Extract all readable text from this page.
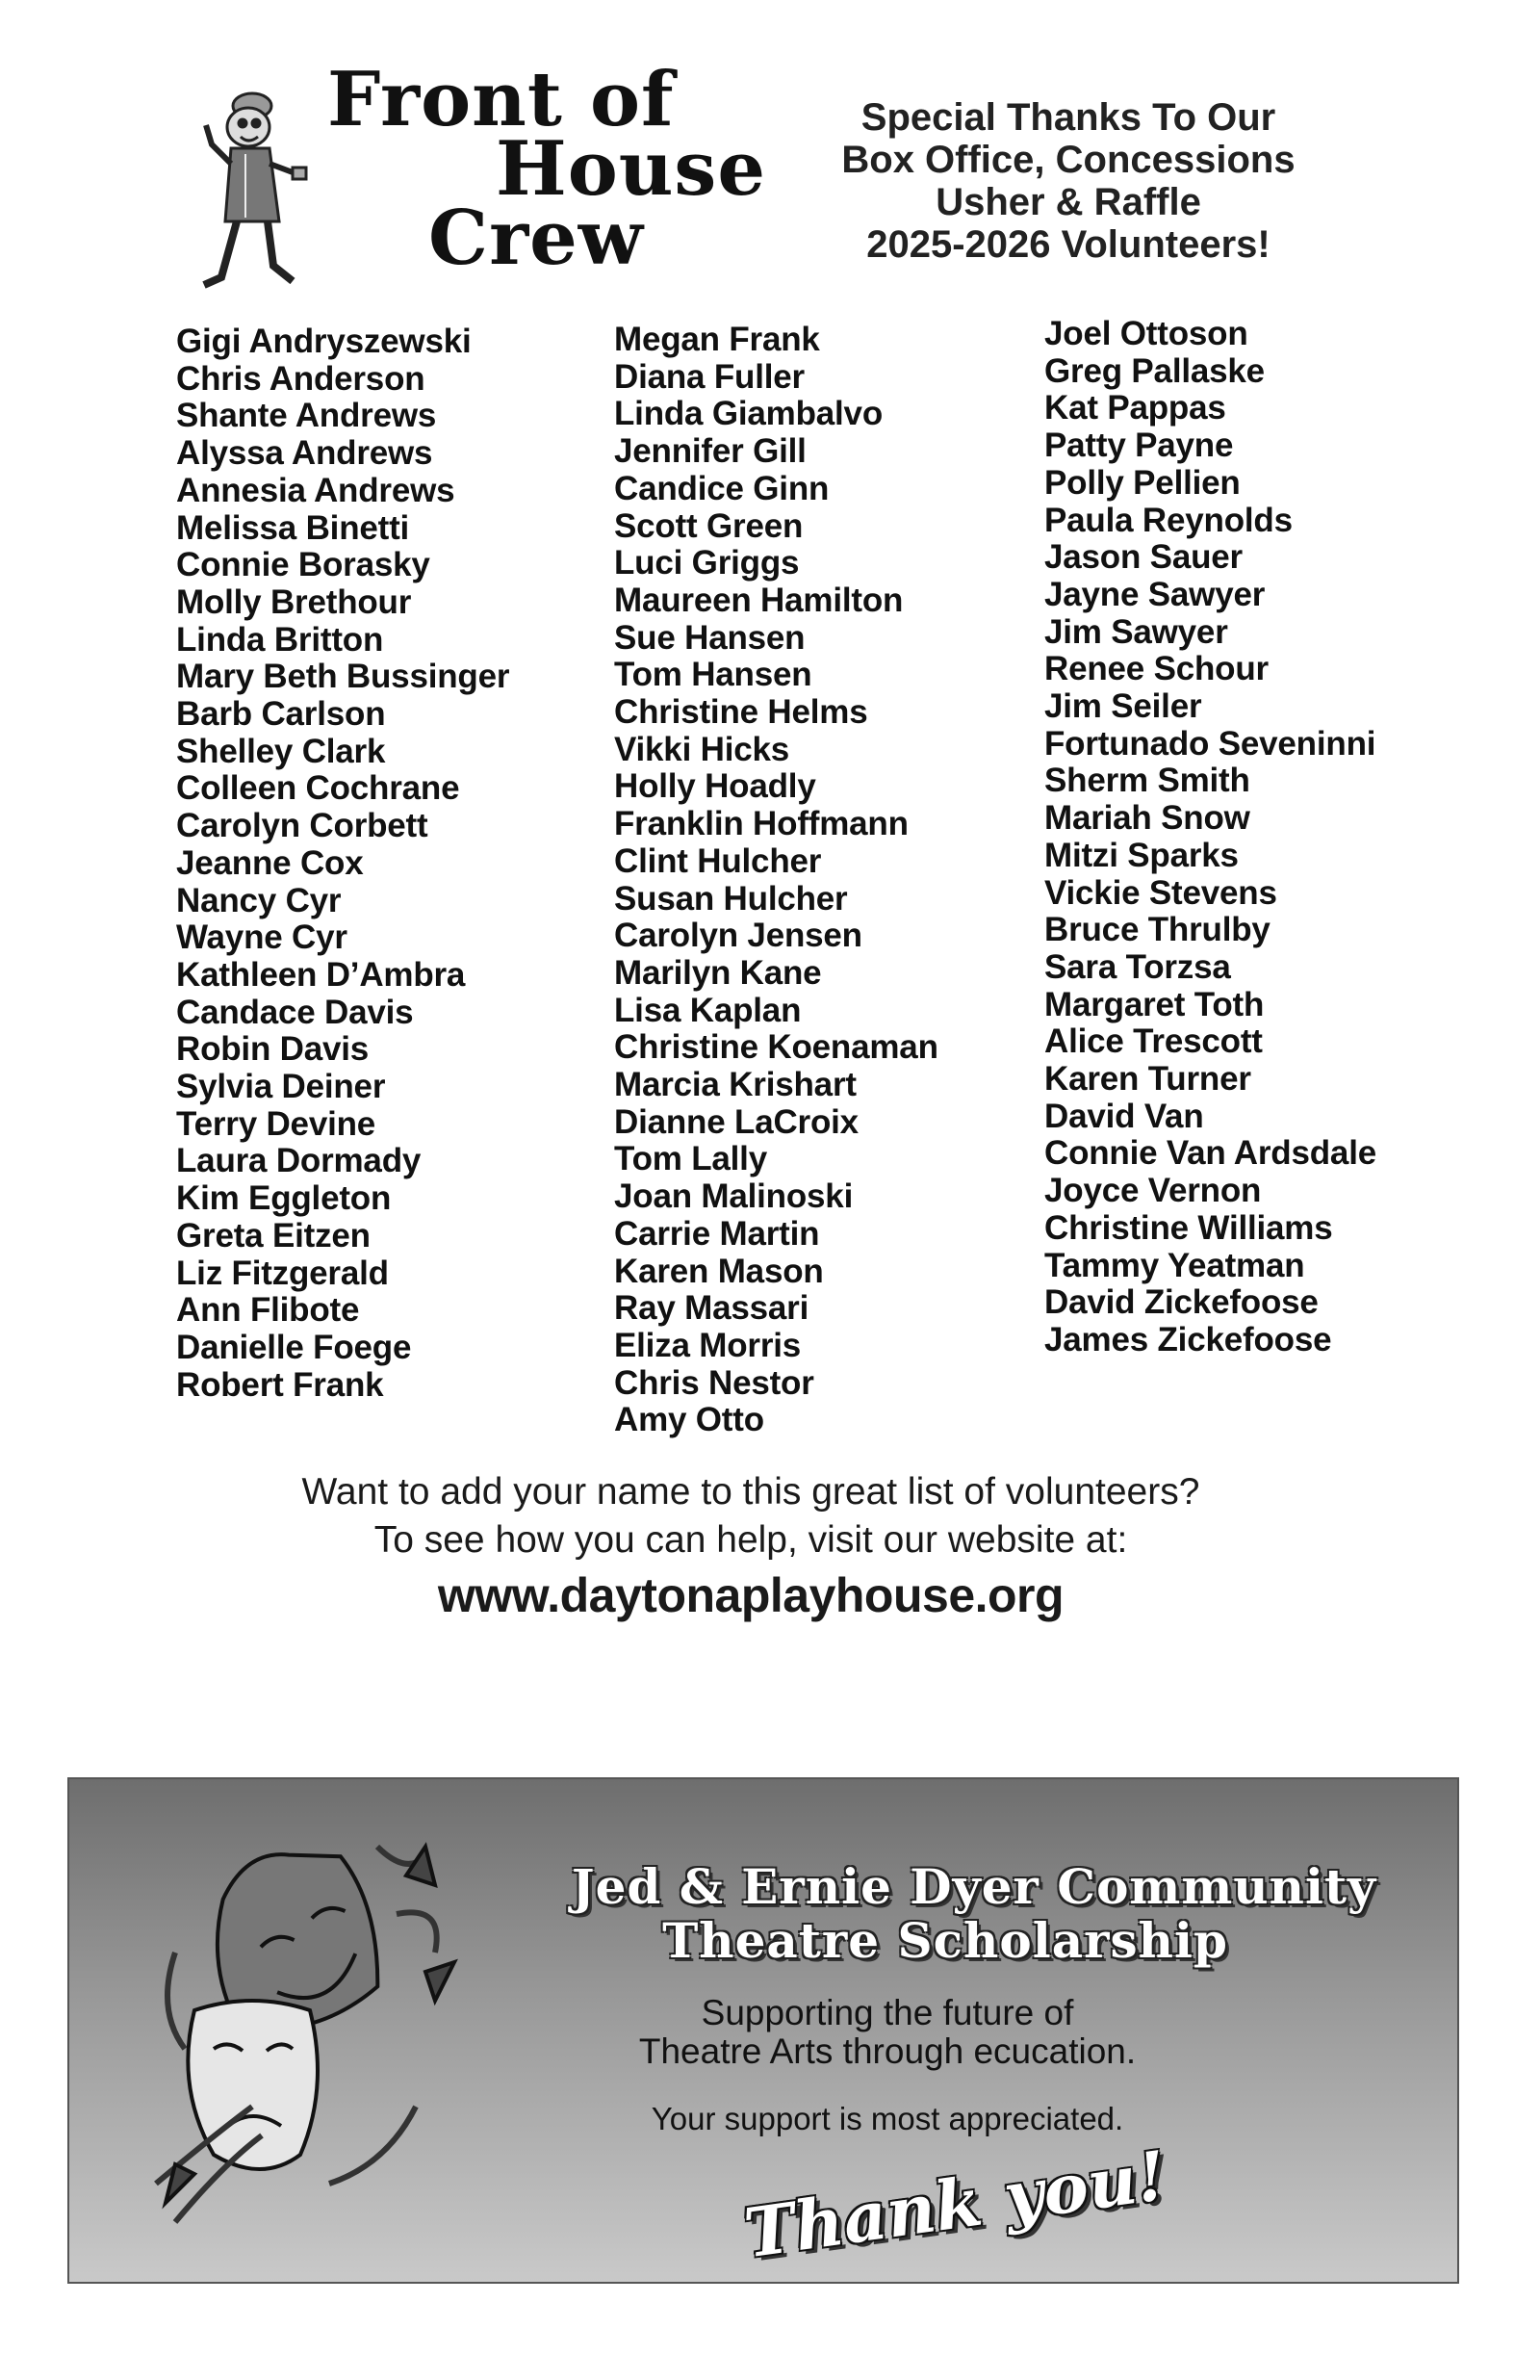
Front of
House
Crew
Special Thanks To Our
Box Office, Concessions
Usher & Raffle
2025-2026 Volunteers!
Gigi Andryszewski
Chris Anderson
Shante Andrews
Alyssa Andrews
Annesia Andrews
Melissa Binetti
Connie Borasky
Molly Brethour
Linda Britton
Mary Beth Bussinger
Barb Carlson
Shelley Clark
Colleen Cochrane
Carolyn Corbett
Jeanne Cox
Nancy Cyr
Wayne Cyr
Kathleen D’Ambra
Candace Davis
Robin Davis
Sylvia Deiner
Terry Devine
Laura Dormady
Kim Eggleton
Greta Eitzen
Liz Fitzgerald
Ann Flibote
Danielle Foege
Robert Frank
Megan Frank
Diana Fuller
Linda Giambalvo
Jennifer Gill
Candice Ginn
Scott Green
Luci Griggs
Maureen Hamilton
Sue Hansen
Tom Hansen
Christine Helms
Vikki Hicks
Holly Hoadly
Franklin Hoffmann
Clint Hulcher
Susan Hulcher
Carolyn Jensen
Marilyn Kane
Lisa Kaplan
Christine Koenaman
Marcia Krishart
Dianne LaCroix
Tom Lally
Joan Malinoski
Carrie Martin
Karen Mason
Ray Massari
Eliza Morris
Chris Nestor
Amy Otto
Joel Ottoson
Greg Pallaske
Kat Pappas
Patty Payne
Polly Pellien
Paula Reynolds
Jason Sauer
Jayne Sawyer
Jim Sawyer
Renee Schour
Jim Seiler
Fortunado Seveninni
Sherm Smith
Mariah Snow
Mitzi Sparks
Vickie Stevens
Bruce Thrulby
Sara Torzsa
Margaret Toth
Alice Trescott
Karen Turner
David Van
Connie Van Ardsdale
Joyce Vernon
Christine Williams
Tammy Yeatman
David Zickefoose
James Zickefoose
Want to add your name to this great list of volunteers?
To see how you can help, visit our website at:
www.daytonaplayhouse.org
Jed & Ernie Dyer Community
Theatre Scholarship
Supporting the future of
Theatre Arts through ecucation.
Your support is most appreciated.
Thank you!
